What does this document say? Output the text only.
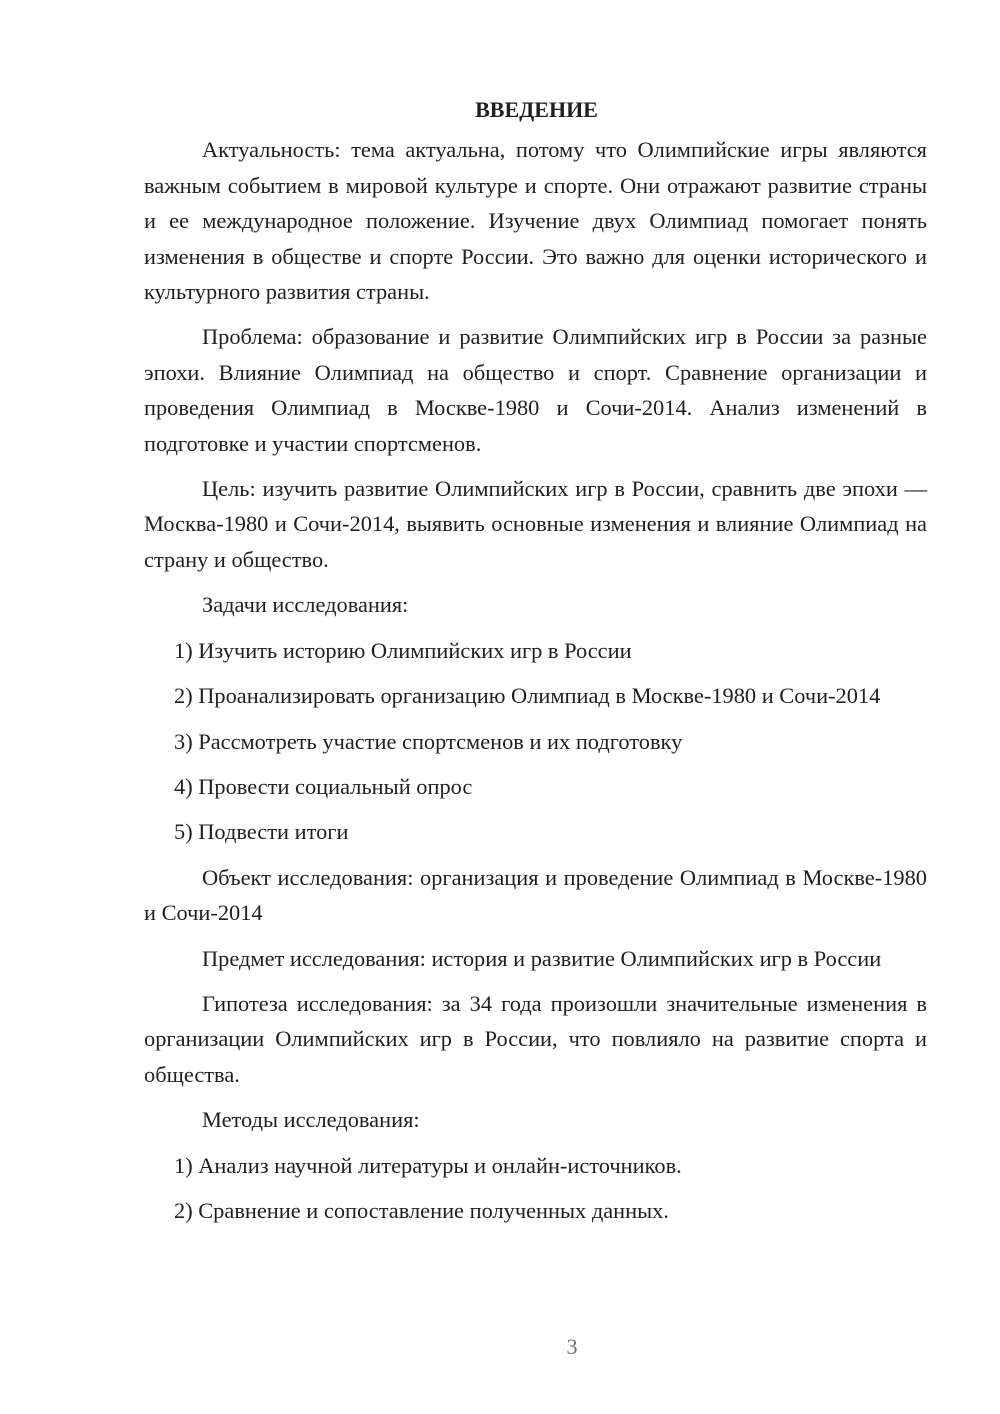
ВВЕДЕНИЕ

Актуальность: тема актуальна, потому что Олимпийские игры являются важным событием в мировой культуре и спорте. Они отражают развитие страны и ее международное положение. Изучение двух Олимпиад помогает понять изменения в обществе и спорте России. Это важно для оценки исторического и культурного развития страны.

Проблема: образование и развитие Олимпийских игр в России за разные эпохи. Влияние Олимпиад на общество и спорт. Сравнение организации и проведения Олимпиад в Москве-1980 и Сочи-2014. Анализ изменений в подготовке и участии спортсменов.

Цель: изучить развитие Олимпийских игр в России, сравнить две эпохи — Москва-1980 и Сочи-2014, выявить основные изменения и влияние Олимпиад на страну и общество.

Задачи исследования:

1) Изучить историю Олимпийских игр в России

2) Проанализировать организацию Олимпиад в Москве-1980 и Сочи-2014

3) Рассмотреть участие спортсменов и их подготовку

4) Провести социальный опрос

5) Подвести итоги

Объект исследования: организация и проведение Олимпиад в Москве-1980 и Сочи-2014

Предмет исследования: история и развитие Олимпийских игр в России

Гипотеза исследования: за 34 года произошли значительные изменения в организации Олимпийских игр в России, что повлияло на развитие спорта и общества.

Методы исследования:

1) Анализ научной литературы и онлайн-источников.

2) Сравнение и сопоставление полученных данных.

3
